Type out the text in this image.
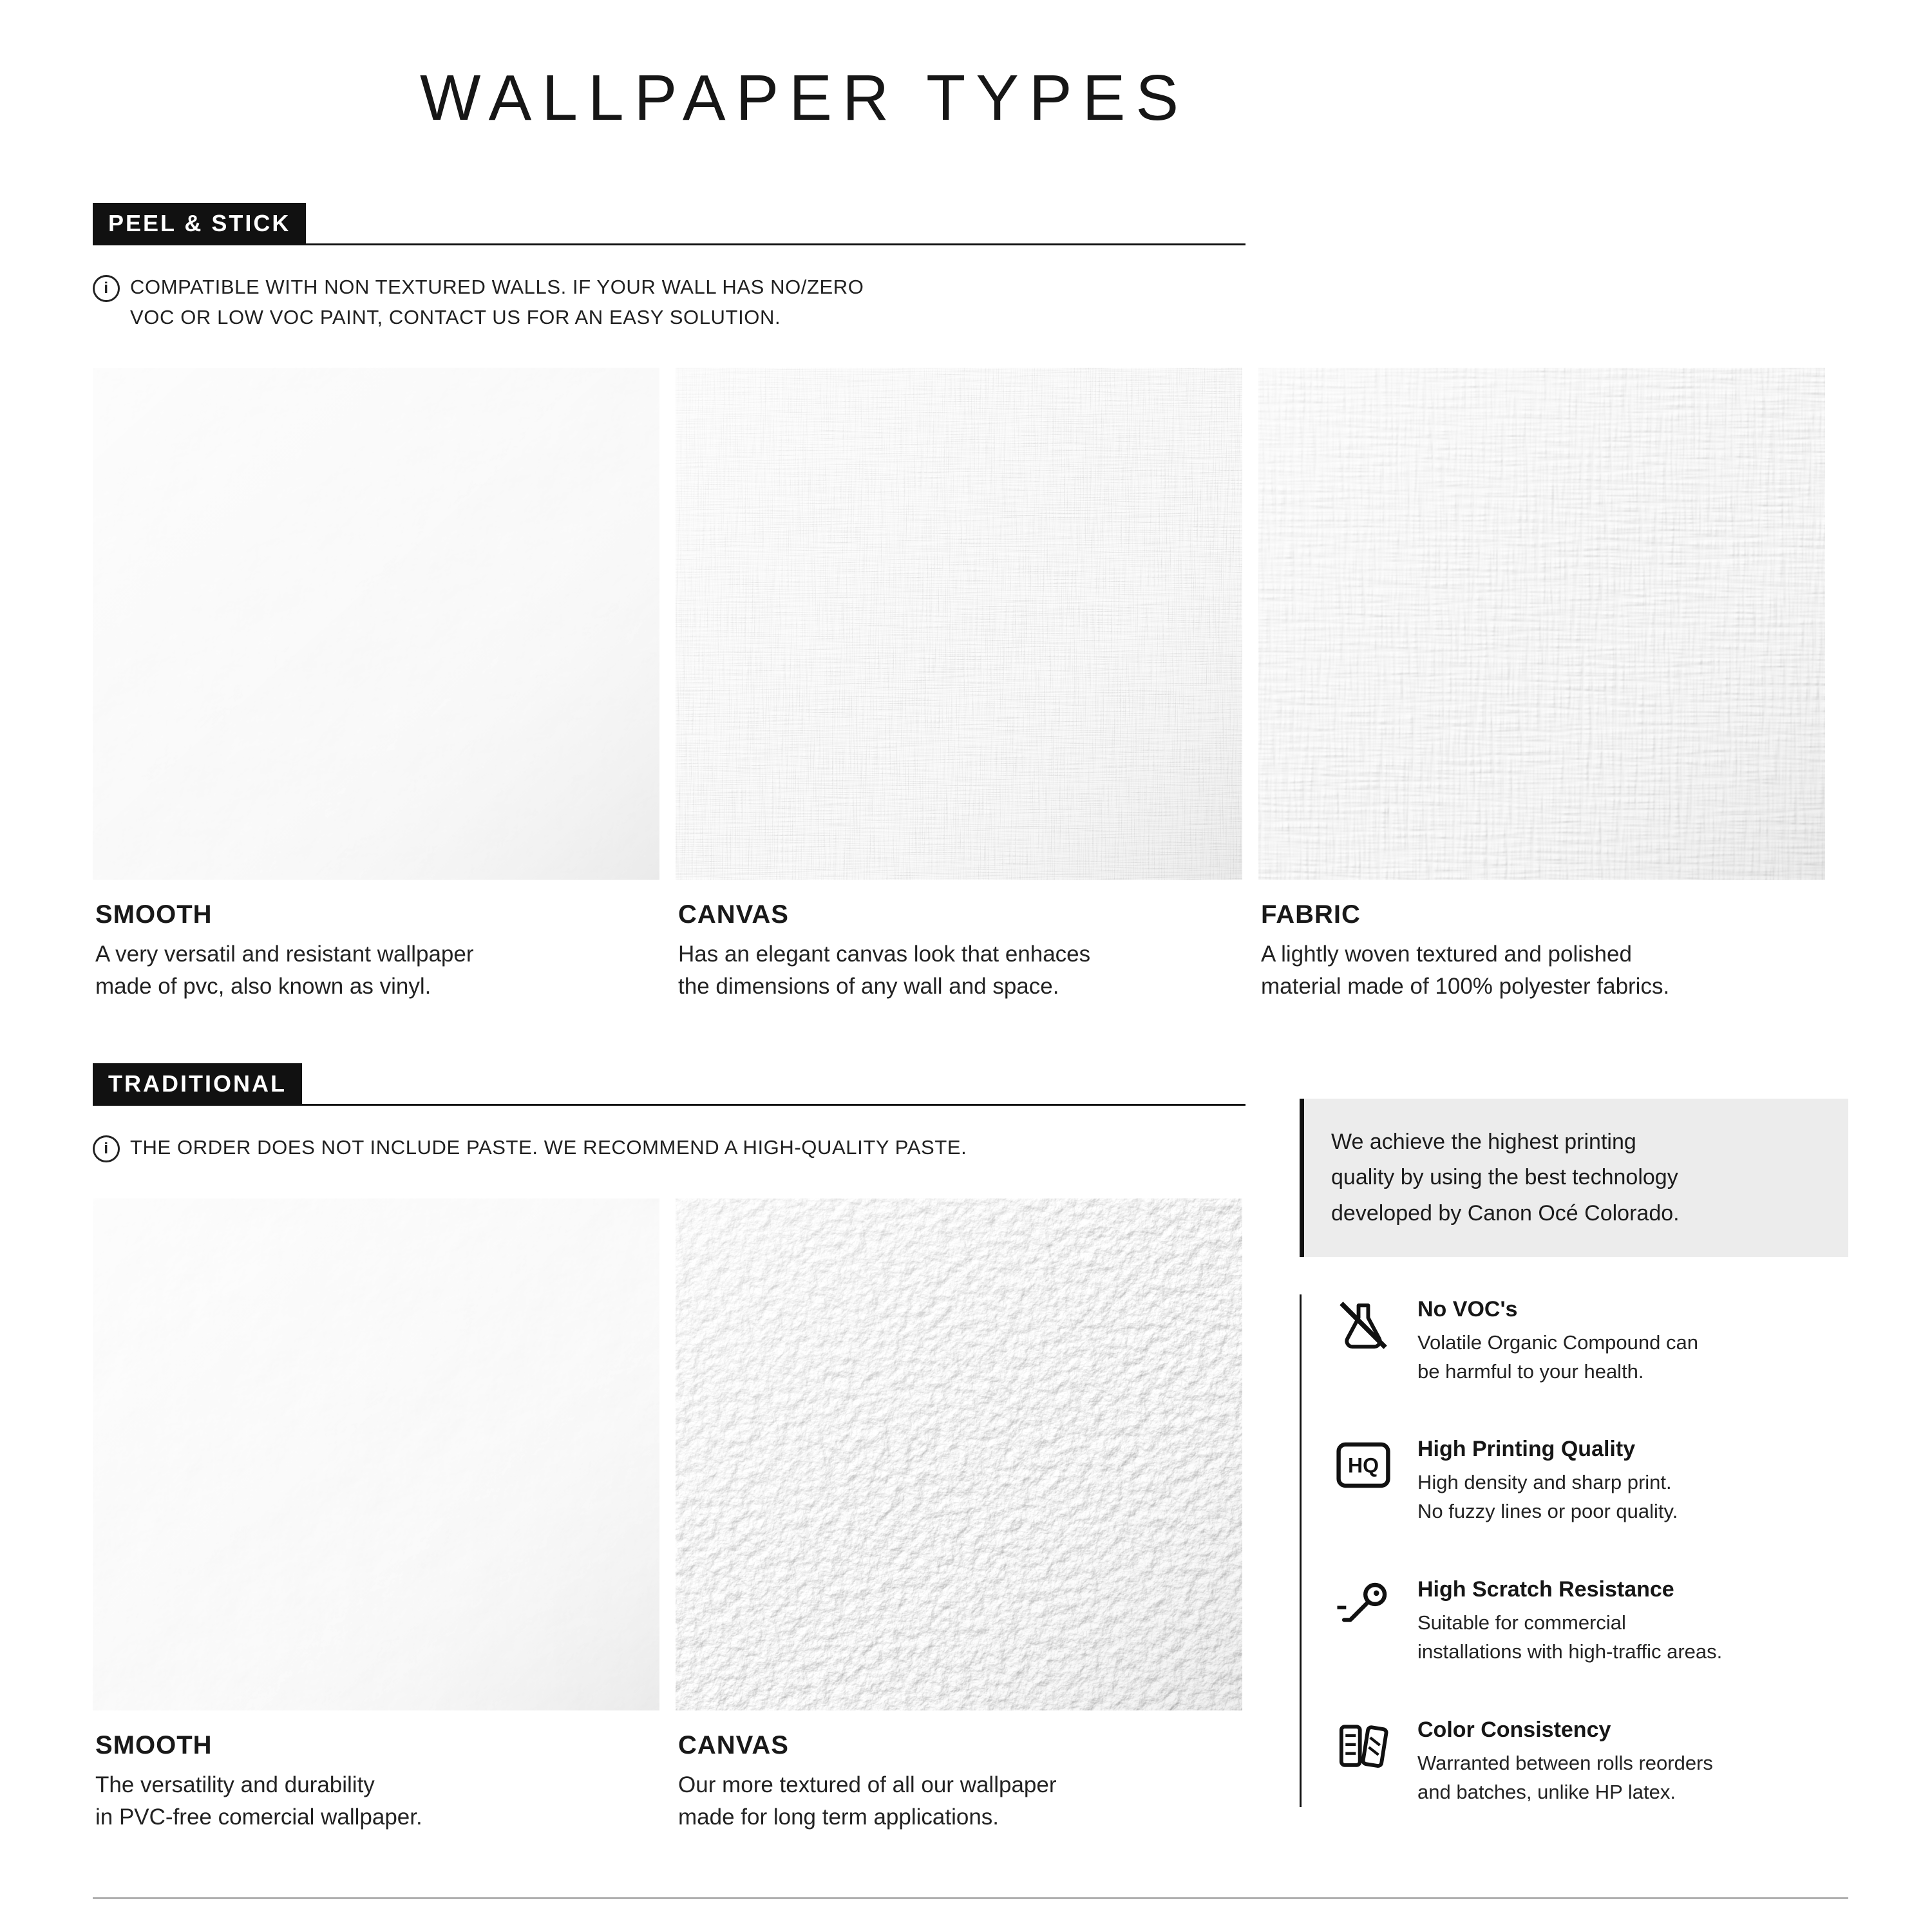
WALLPAPER TYPES
PEEL & STICK
i	COMPATIBLE WITH NON TEXTURED WALLS. IF YOUR WALL HAS NO/ZERO
VOC OR LOW VOC PAINT, CONTACT US FOR AN EASY SOLUTION.
SMOOTH
A very versatil and resistant wallpaper
made of pvc, also known as vinyl.
CANVAS
Has an elegant canvas look that enhaces
the dimensions of any wall and space.
FABRIC
A lightly woven textured and polished
material made of 100% polyester fabrics.
TRADITIONAL
i	THE ORDER DOES NOT INCLUDE PASTE. WE RECOMMEND A HIGH-QUALITY PASTE.
SMOOTH
The versatility and durability
in PVC-free comercial wallpaper.
CANVAS
Our more textured of all our wallpaper
made for long term applications.
We achieve the highest printing
quality by using the best technology
developed by Canon Océ Colorado.
No VOC's
Volatile Organic Compound can
be harmful to your health.
HQ
High Printing Quality
High density and sharp print.
No fuzzy lines or poor quality.
High Scratch Resistance
Suitable for commercial
installations with high-traffic areas.
Color Consistency
Warranted between rolls reorders
and batches, unlike HP latex.
